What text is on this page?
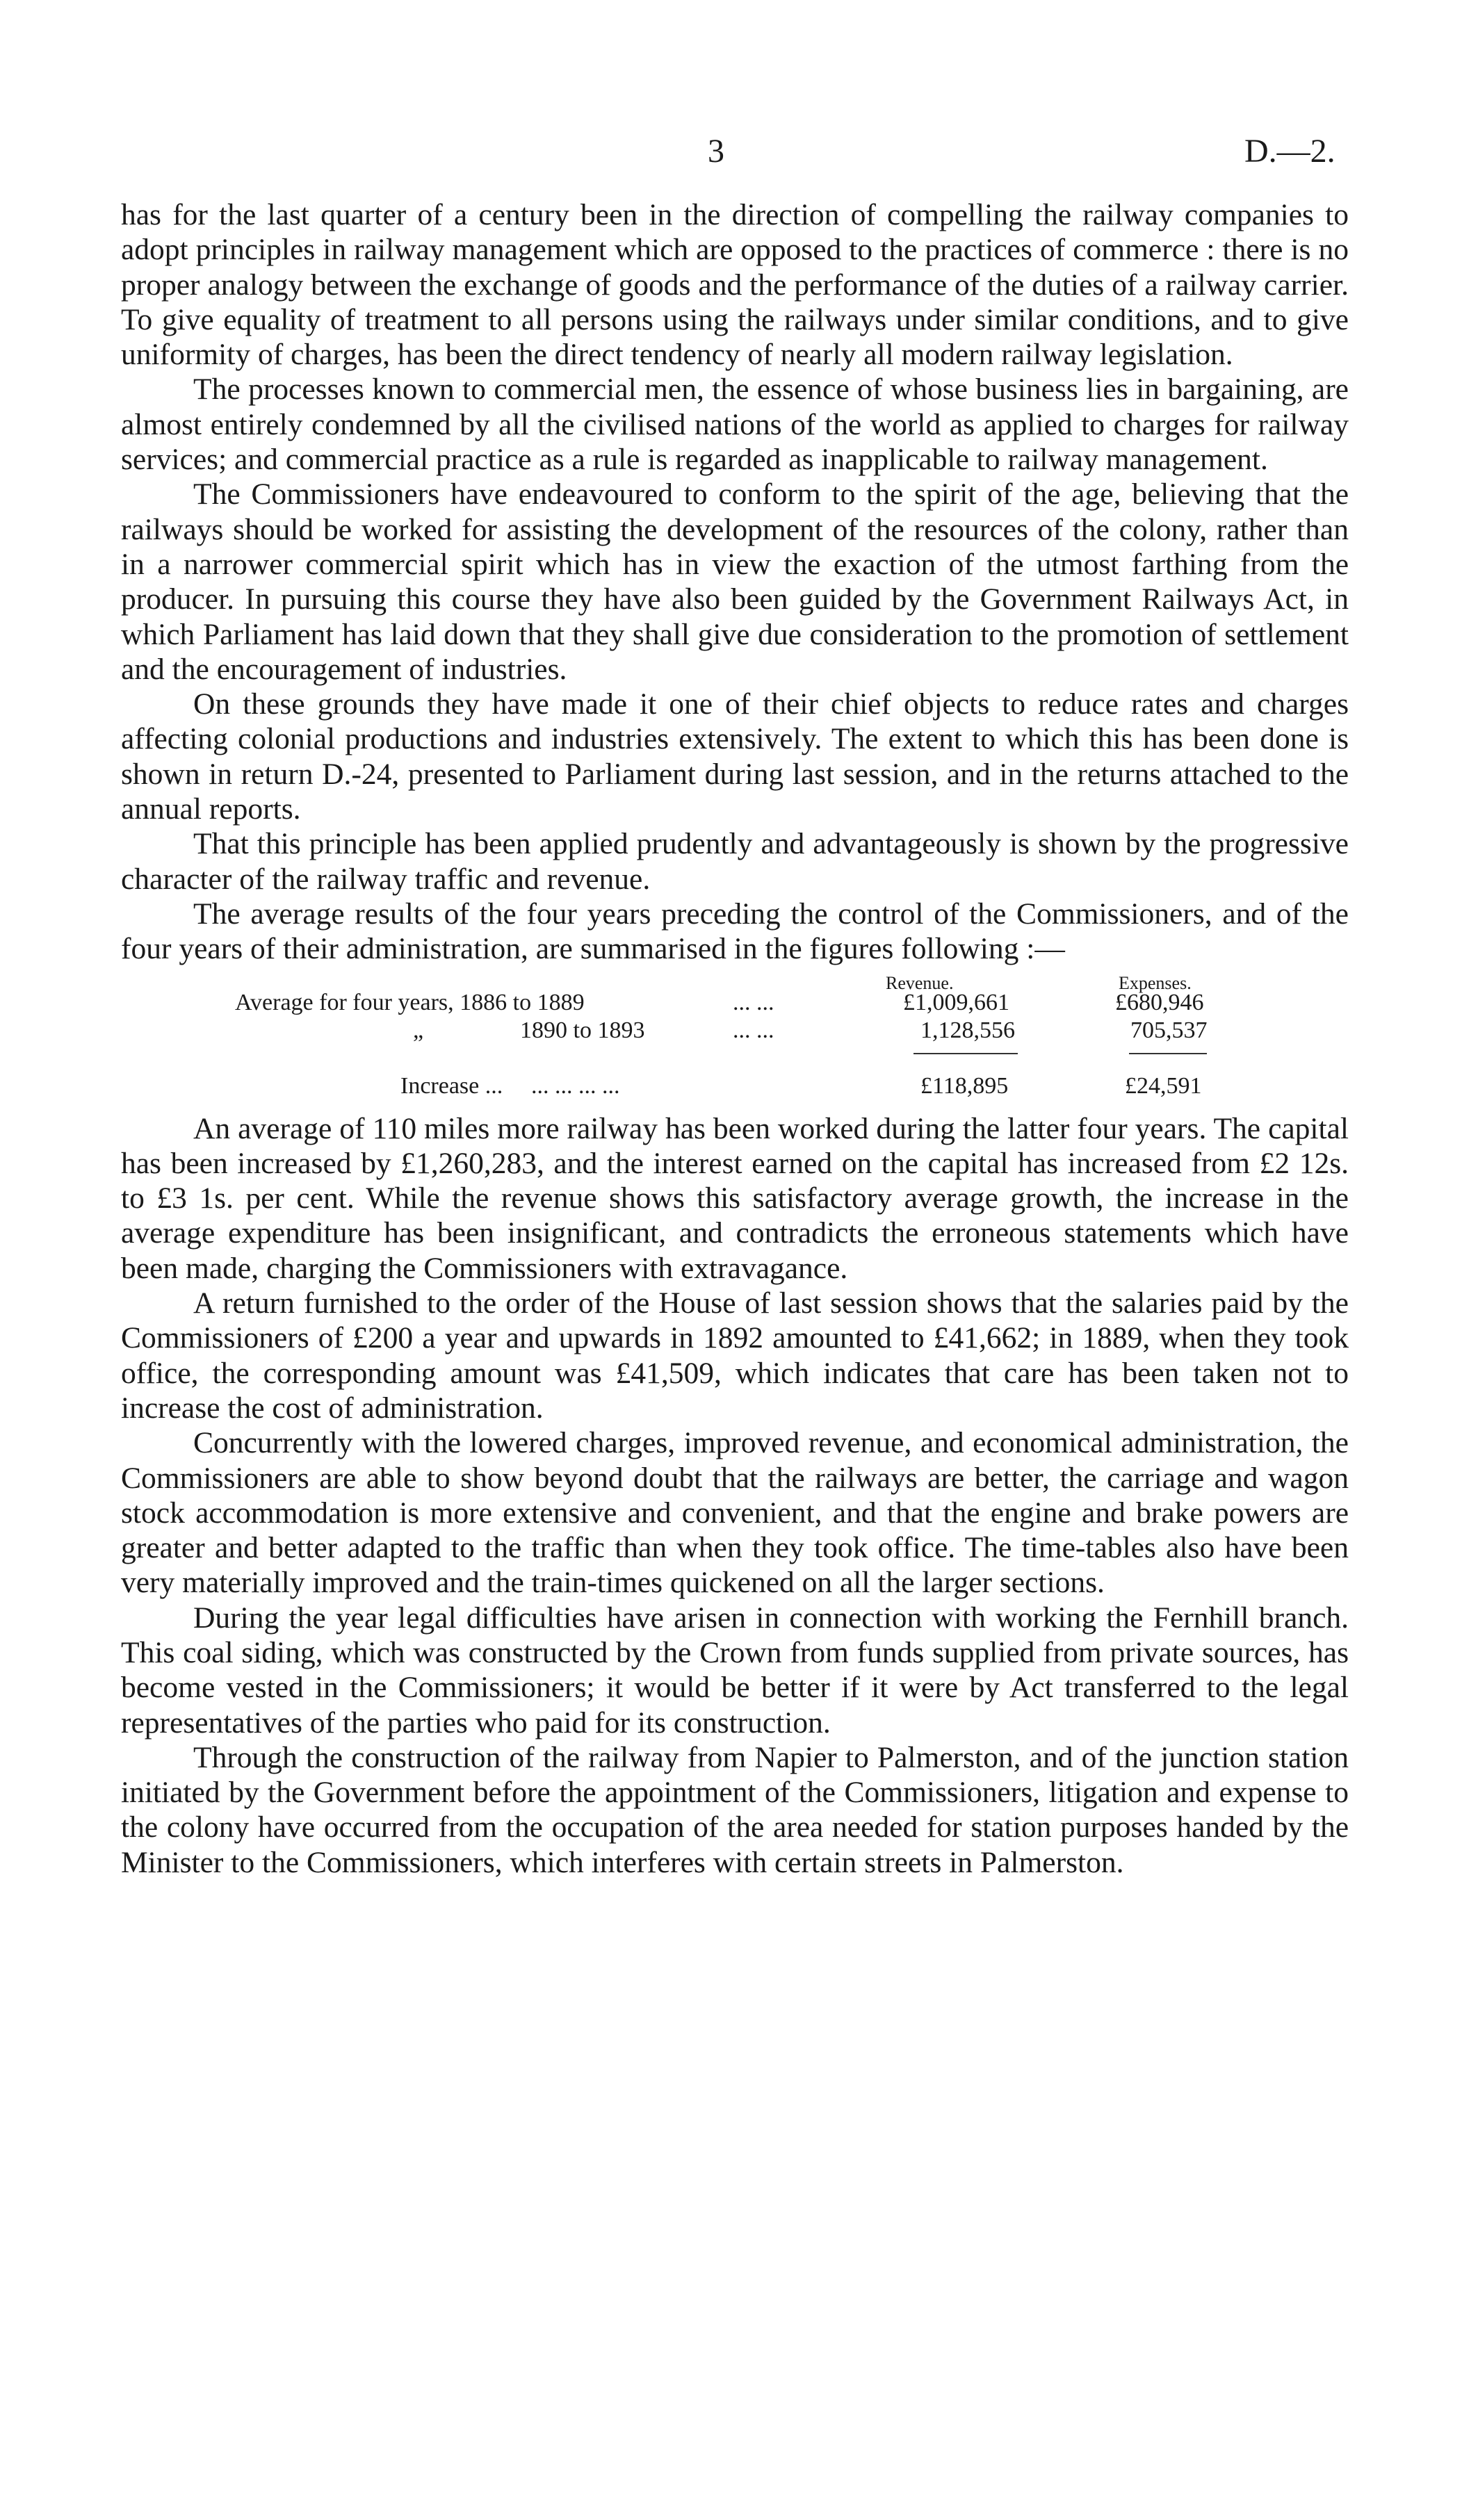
3	D.—2.

has for the last quarter of a century been in the direction of compelling the railway companies to adopt principles in railway management which are opposed to the practices of commerce : there is no proper analogy between the exchange of goods and the performance of the duties of a railway carrier. To give equality of treatment to all persons using the railways under similar conditions, and to give uniformity of charges, has been the direct tendency of nearly all modern railway legislation.

The processes known to commercial men, the essence of whose business lies in bargaining, are almost entirely condemned by all the civilised nations of the world as applied to charges for railway services; and commercial practice as a rule is regarded as inapplicable to railway management.

The Commissioners have endeavoured to conform to the spirit of the age, believing that the railways should be worked for assisting the development of the resources of the colony, rather than in a narrower commercial spirit which has in view the exaction of the utmost farthing from the producer. In pursuing this course they have also been guided by the Government Railways Act, in which Parliament has laid down that they shall give due consideration to the promotion of settlement and the encouragement of industries.

On these grounds they have made it one of their chief objects to reduce rates and charges affecting colonial productions and industries extensively. The extent to which this has been done is shown in return D.-24, presented to Parliament during last session, and in the returns attached to the annual reports.

That this principle has been applied prudently and advantageously is shown by the progressive character of the railway traffic and revenue.

The average results of the four years preceding the control of the Commissioners, and of the four years of their administration, are summarised in the figures following :—

Revenue.	Expenses.
Average for four years, 1886 to 1889	... ...	£1,009,661	£680,946
„	1890 to 1893	... ...	1,128,556	705,537
Increase ... ... ... ... ...	£118,895	£24,591

An average of 110 miles more railway has been worked during the latter four years. The capital has been increased by £1,260,283, and the interest earned on the capital has increased from £2 12s. to £3 1s. per cent. While the revenue shows this satisfactory average growth, the increase in the average expenditure has been insignificant, and contradicts the erroneous statements which have been made, charging the Commissioners with extravagance.

A return furnished to the order of the House of last session shows that the salaries paid by the Commissioners of £200 a year and upwards in 1892 amounted to £41,662; in 1889, when they took office, the corresponding amount was £41,509, which indicates that care has been taken not to increase the cost of administration.

Concurrently with the lowered charges, improved revenue, and economical administration, the Commissioners are able to show beyond doubt that the railways are better, the carriage and wagon stock accommodation is more extensive and convenient, and that the engine and brake powers are greater and better adapted to the traffic than when they took office. The time-tables also have been very materially improved and the train-times quickened on all the larger sections.

During the year legal difficulties have arisen in connection with working the Fernhill branch. This coal siding, which was constructed by the Crown from funds supplied from private sources, has become vested in the Commissioners; it would be better if it were by Act transferred to the legal representatives of the parties who paid for its construction.

Through the construction of the railway from Napier to Palmerston, and of the junction station initiated by the Government before the appointment of the Commissioners, litigation and expense to the colony have occurred from the occupation of the area needed for station purposes handed by the Minister to the Commissioners, which interferes with certain streets in Palmerston.
